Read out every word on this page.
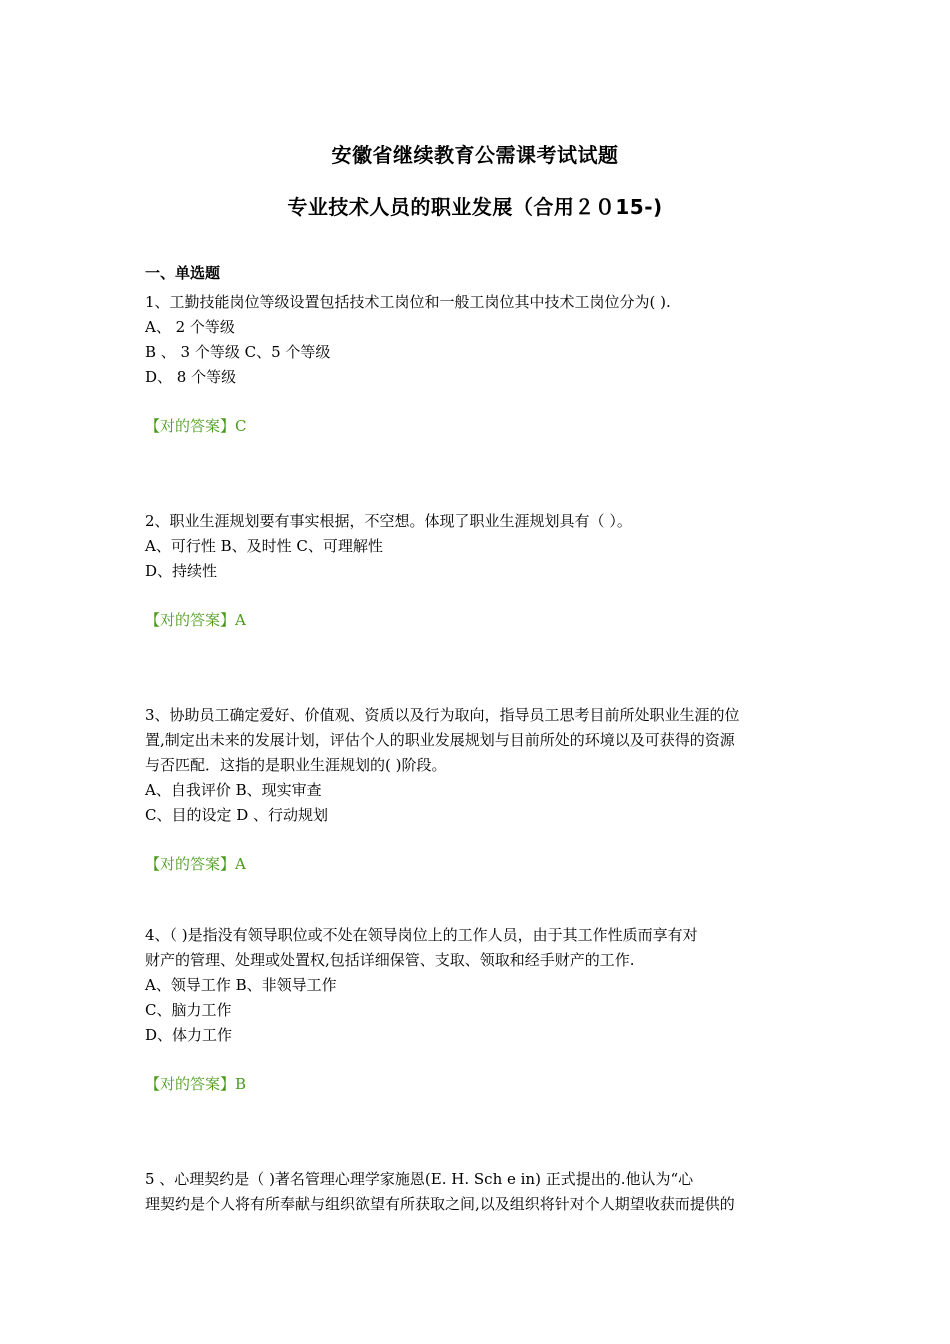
安徽省继续教育公需课考试试题
专业技术人员的职业发展（合用２０15-)
一、单选题
1、工勤技能岗位等级设置包括技术工岗位和一般工岗位其中技术工岗位分为( ).
A、 2 个等级
B 、 3 个等级 ﻿C、5 个等级
D、 8 个等级
【对的答案】C
2、职业生涯规划要有事实根据，不空想。体现了职业生涯规划具有（ ）。
A、可行性 ﻿B、及时性 ﻿C、可理解性
D、持续性
【对的答案】A
3、协助员工确定爱好、价值观、资质以及行为取向，指导员工思考目前所处职业生涯的位
置,制定出未来的发展计划，评估个人的职业发展规划与目前所处的环境以及可获得的资源
与否匹配．这指的是职业生涯规划的( )阶段。
A、自我评价 ﻿B、现实审查
C、目的设定 ﻿D 、行动规划
【对的答案】A ﻿
4、（ )是指没有领导职位或不处在领导岗位上的工作人员，由于其工作性质而享有对
财产的管理、处理或处置权,包括详细保管、支取、领取和经手财产的工作.
A、领导工作 ﻿B、非领导工作
C、脑力工作
D、体力工作
【对的答案】B
5 、心理契约是（ )著名管理心理学家施恩(E. H. Sch e in) 正式提出的.他认为“心
理契约是个人将有所奉献与组织欲望有所获取之间,以及组织将针对个人期望收获而提供的
